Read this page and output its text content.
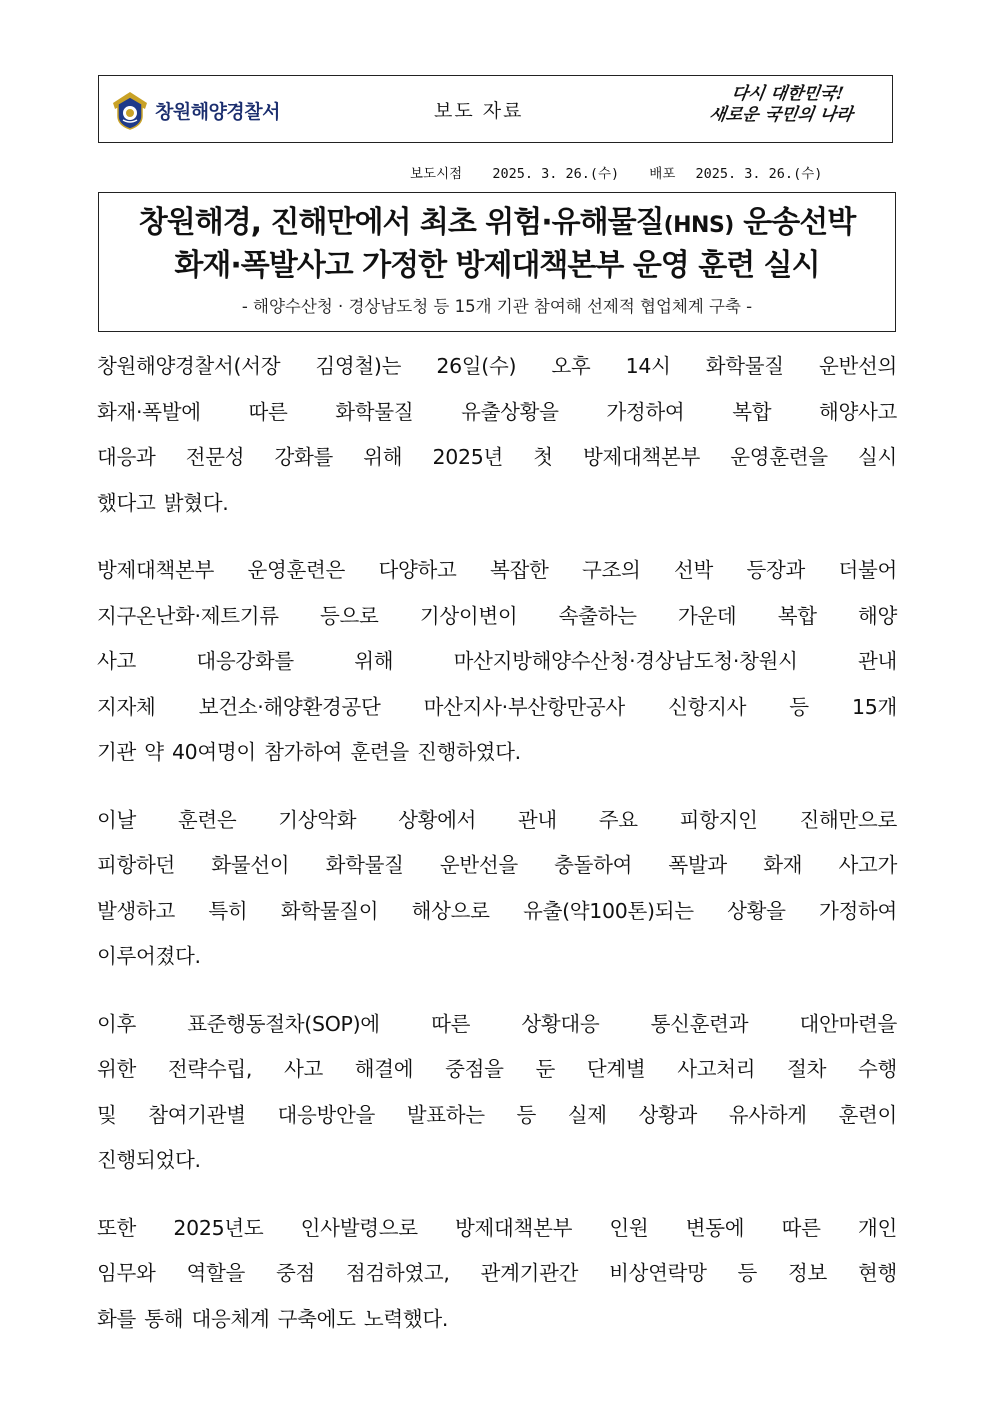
창원해양경찰서	보도 자료
다시 대한민국!
새로운 국민의 나라
보도시점 2025. 3. 26.(수) 배포 2025. 3. 26.(수)
창원해경, 진해만에서 최초 위험·유해물질(HNS) 운송선박
화재·폭발사고 가정한 방제대책본부 운영 훈련 실시
- 해양수산청 · 경상남도청 등 15개 기관 참여해 선제적 협업체계 구축 -

창원해양경찰서(서장 김영철)는 26일(수) 오후 14시 화학물질 운반선의
화재·폭발에 따른 화학물질 유출상황을 가정하여 복합 해양사고
대응과 전문성 강화를 위해 2025년 첫 방제대책본부 운영훈련을 실시
했다고 밝혔다.

방제대책본부 운영훈련은 다양하고 복잡한 구조의 선박 등장과 더불어
지구온난화·제트기류 등으로 기상이변이 속출하는 가운데 복합 해양
사고 대응강화를 위해 마산지방해양수산청·경상남도청·창원시 관내
지자체 보건소·해양환경공단 마산지사·부산항만공사 신항지사 등 15개
기관 약 40여명이 참가하여 훈련을 진행하였다.

이날 훈련은 기상악화 상황에서 관내 주요 피항지인 진해만으로
피항하던 화물선이 화학물질 운반선을 충돌하여 폭발과 화재 사고가
발생하고 특히 화학물질이 해상으로 유출(약100톤)되는 상황을 가정하여
이루어졌다.

이후 표준행동절차(SOP)에 따른 상황대응 통신훈련과 대안마련을
위한 전략수립, 사고 해결에 중점을 둔 단계별 사고처리 절차 수행
및 참여기관별 대응방안을 발표하는 등 실제 상황과 유사하게 훈련이
진행되었다.

또한 2025년도 인사발령으로 방제대책본부 인원 변동에 따른 개인
임무와 역할을 중점 점검하였고, 관계기관간 비상연락망 등 정보 현행
화를 통해 대응체계 구축에도 노력했다.
